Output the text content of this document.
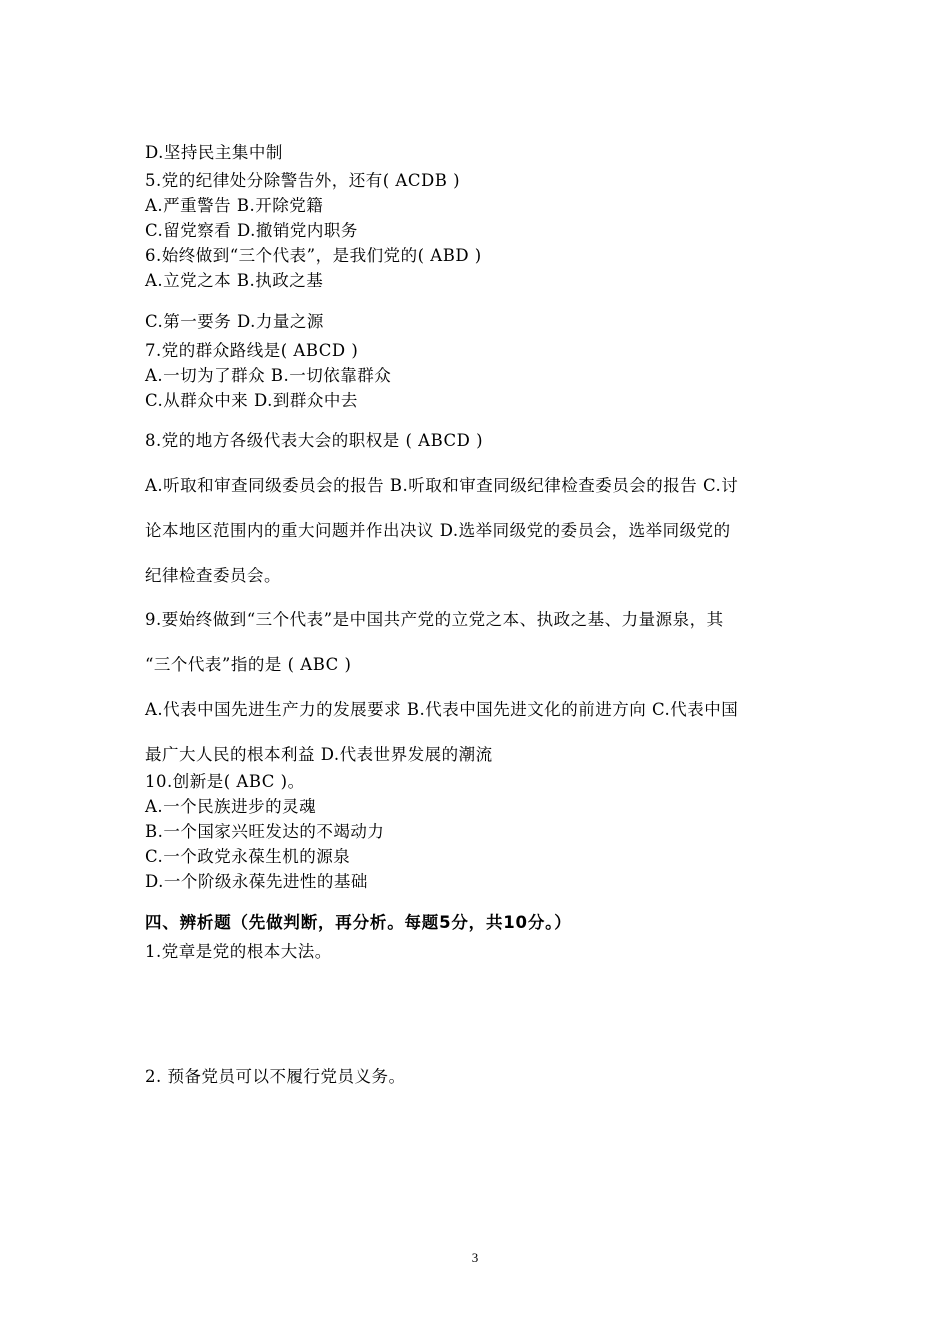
D.坚持民主集中制
5.党的纪律处分除警告外，还有( ACDB )
A.严重警告 B.开除党籍
C.留党察看 D.撤销党内职务
6.始终做到“三个代表”，是我们党的( ABD )
A.立党之本 B.执政之基
C.第一要务 D.力量之源
7.党的群众路线是( ABCD )
A.一切为了群众 B.一切依靠群众
C.从群众中来 D.到群众中去
8.党的地方各级代表大会的职权是 ( ABCD )
A.听取和审查同级委员会的报告 B.听取和审查同级纪律检查委员会的报告 C.讨
论本地区范围内的重大问题并作出决议 D.选举同级党的委员会，选举同级党的
纪律检查委员会。
9.要始终做到“三个代表”是中国共产党的立党之本、执政之基、力量源泉，其
“三个代表”指的是 ( ABC )
A.代表中国先进生产力的发展要求 B.代表中国先进文化的前进方向 C.代表中国
最广大人民的根本利益 D.代表世界发展的潮流
10.创新是( ABC )。
A.一个民族进步的灵魂
B.一个国家兴旺发达的不竭动力
C.一个政党永葆生机的源泉
D.一个阶级永葆先进性的基础
四、辨析题（先做判断，再分析。每题5分，共10分。）
1.党章是党的根本大法。
2. 预备党员可以不履行党员义务。
3
